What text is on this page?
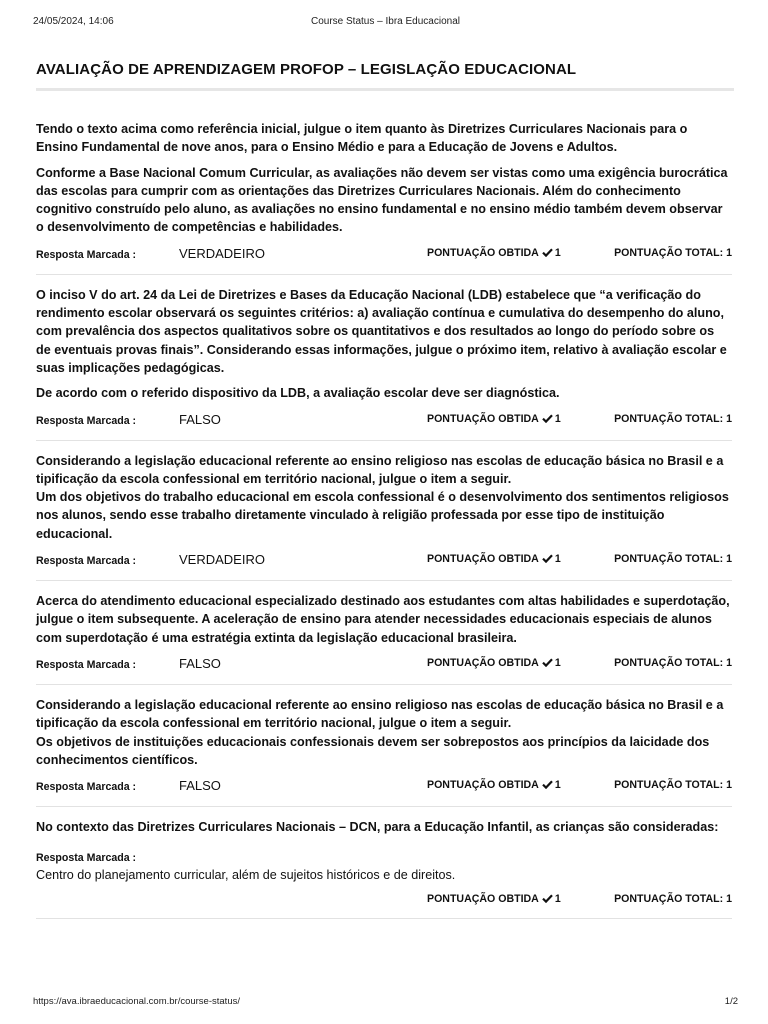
24/05/2024, 14:06	Course Status – Ibra Educacional
AVALIAÇÃO DE APRENDIZAGEM PROFOP – LEGISLAÇÃO EDUCACIONAL

Tendo o texto acima como referência inicial, julgue o item quanto às Diretrizes Curriculares Nacionais para o Ensino Fundamental de nove anos, para o Ensino Médio e para a Educação de Jovens e Adultos.

Conforme a Base Nacional Comum Curricular, as avaliações não devem ser vistas como uma exigência burocrática das escolas para cumprir com as orientações das Diretrizes Curriculares Nacionais. Além do conhecimento cognitivo construído pelo aluno, as avaliações no ensino fundamental e no ensino médio também devem observar o desenvolvimento de competências e habilidades.

Resposta Marcada :	VERDADEIRO	PONTUAÇÃO OBTIDA 1	PONTUAÇÃO TOTAL: 1

O inciso V do art. 24 da Lei de Diretrizes e Bases da Educação Nacional (LDB) estabelece que “a verificação do rendimento escolar observará os seguintes critérios: a) avaliação contínua e cumulativa do desempenho do aluno, com prevalência dos aspectos qualitativos sobre os quantitativos e dos resultados ao longo do período sobre os de eventuais provas finais”. Considerando essas informações, julgue o próximo item, relativo à avaliação escolar e suas implicações pedagógicas.

De acordo com o referido dispositivo da LDB, a avaliação escolar deve ser diagnóstica.

Resposta Marcada :	FALSO	PONTUAÇÃO OBTIDA 1	PONTUAÇÃO TOTAL: 1

Considerando a legislação educacional referente ao ensino religioso nas escolas de educação básica no Brasil e a tipificação da escola confessional em território nacional, julgue o item a seguir.
Um dos objetivos do trabalho educacional em escola confessional é o desenvolvimento dos sentimentos religiosos nos alunos, sendo esse trabalho diretamente vinculado à religião professada por esse tipo de instituição educacional.

Resposta Marcada :	VERDADEIRO	PONTUAÇÃO OBTIDA 1	PONTUAÇÃO TOTAL: 1

Acerca do atendimento educacional especializado destinado aos estudantes com altas habilidades e superdotação, julgue o item subsequente. A aceleração de ensino para atender necessidades educacionais especiais de alunos com superdotação é uma estratégia extinta da legislação educacional brasileira.

Resposta Marcada :	FALSO	PONTUAÇÃO OBTIDA 1	PONTUAÇÃO TOTAL: 1

Considerando a legislação educacional referente ao ensino religioso nas escolas de educação básica no Brasil e a tipificação da escola confessional em território nacional, julgue o item a seguir.
Os objetivos de instituições educacionais confessionais devem ser sobrepostos aos princípios da laicidade dos conhecimentos científicos.

Resposta Marcada :	FALSO	PONTUAÇÃO OBTIDA 1	PONTUAÇÃO TOTAL: 1

No contexto das Diretrizes Curriculares Nacionais – DCN, para a Educação Infantil, as crianças são consideradas:

Resposta Marcada :
Centro do planejamento curricular, além de sujeitos históricos e de direitos.
PONTUAÇÃO OBTIDA 1	PONTUAÇÃO TOTAL: 1
https://ava.ibraeducacional.com.br/course-status/	1/2
